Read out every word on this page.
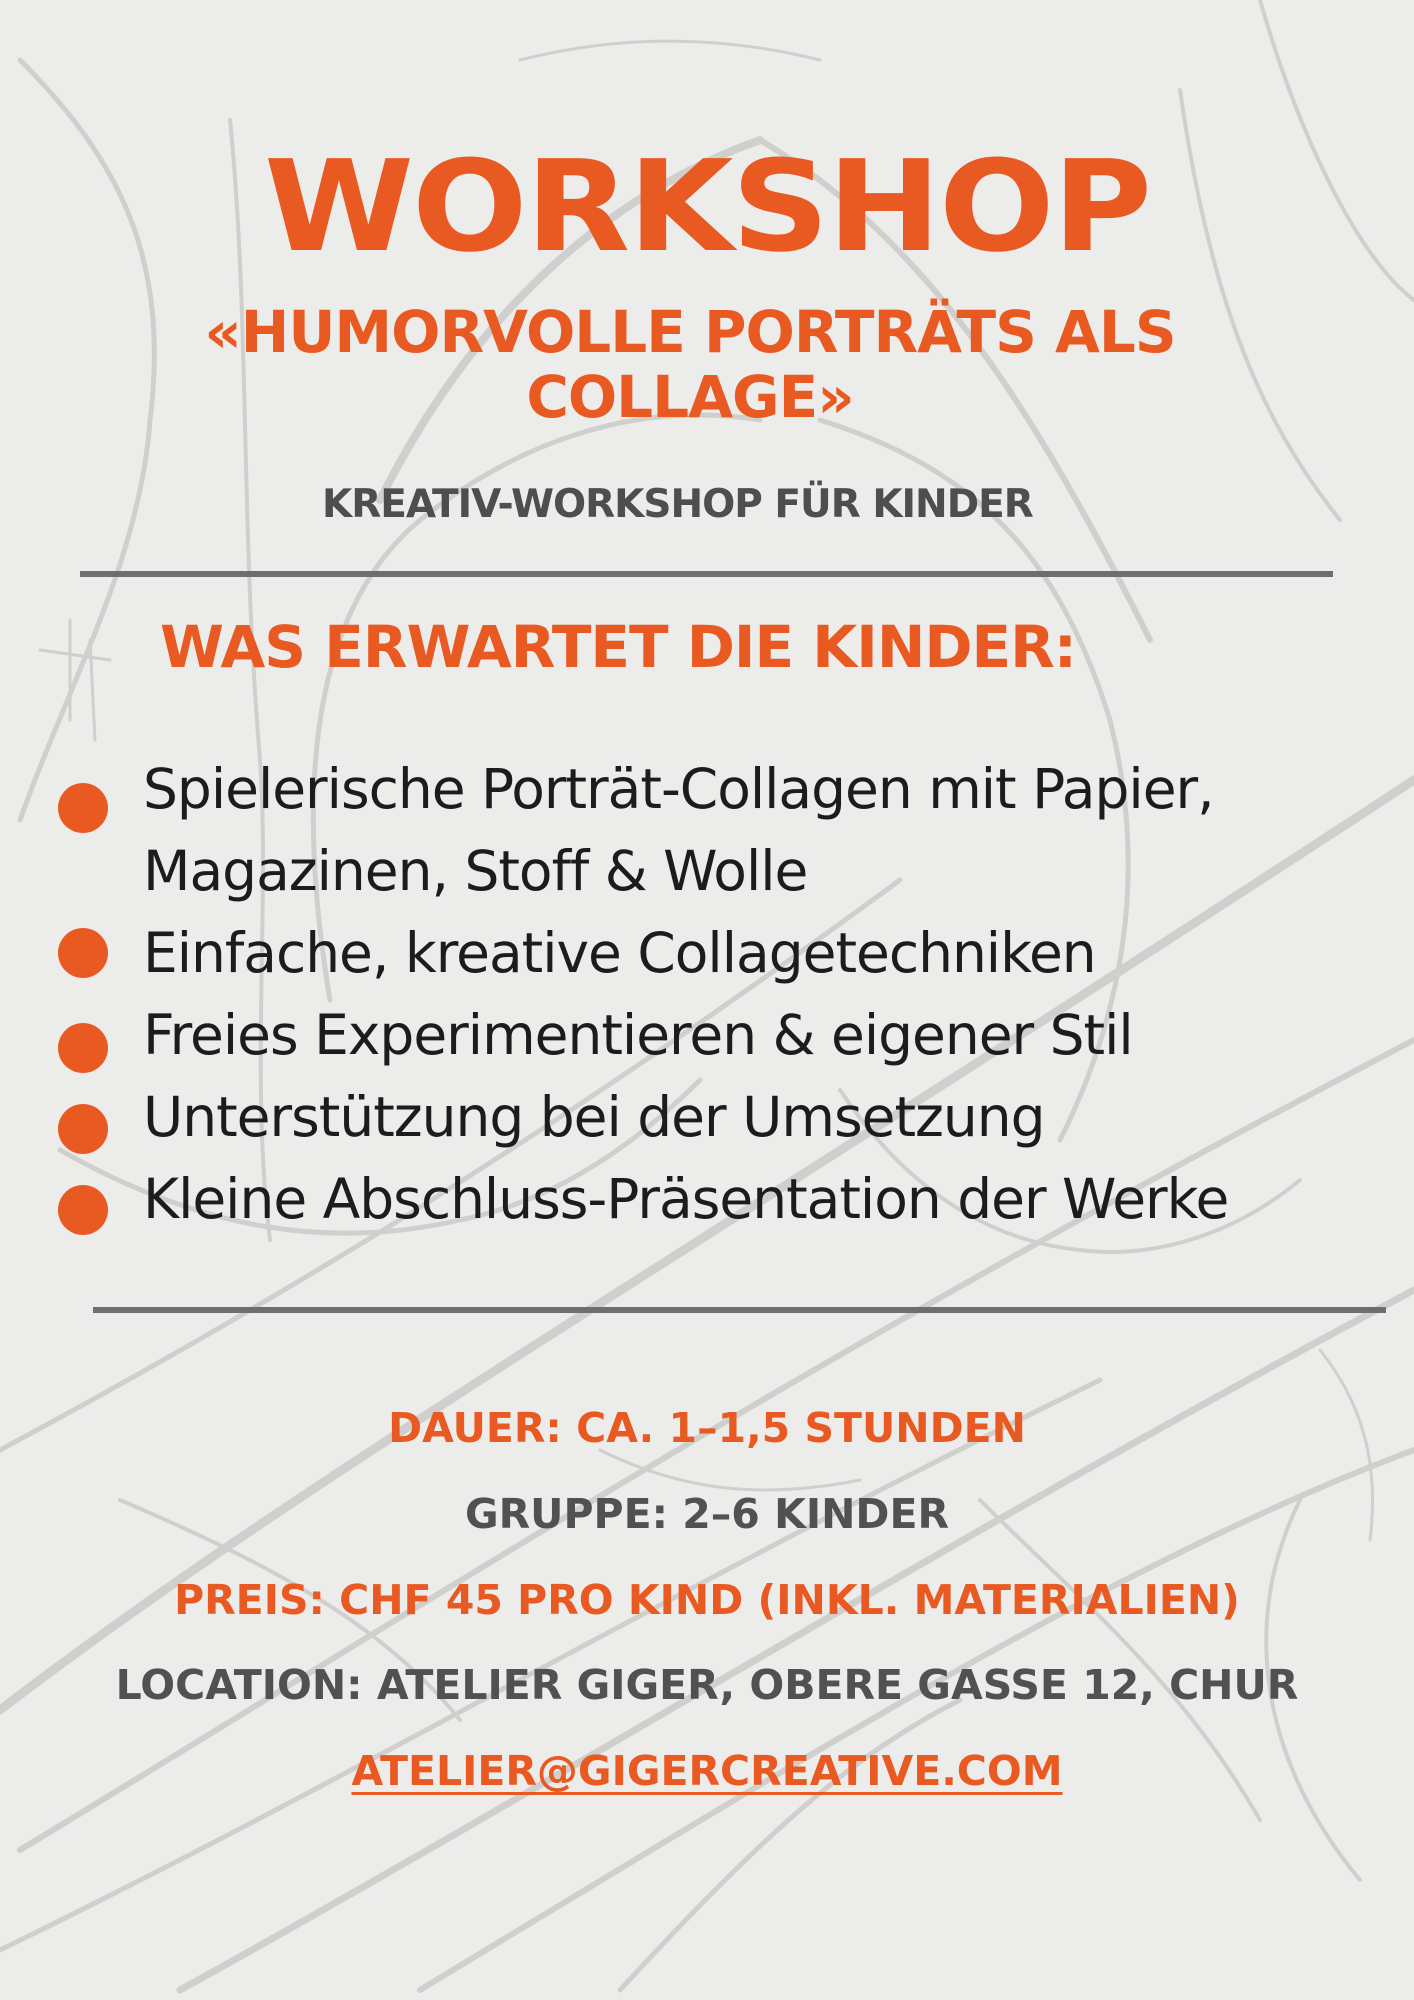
WORKSHOP
«HUMORVOLLE PORTRÄTS ALS
COLLAGE»
KREATIV-WORKSHOP FÜR KINDER
WAS ERWARTET DIE KINDER:
Spielerische Porträt-Collagen mit Papier,
Magazinen, Stoff & Wolle
Einfache, kreative Collagetechniken
Freies Experimentieren & eigener Stil
Unterstützung bei der Umsetzung
Kleine Abschluss-Präsentation der Werke
DAUER: CA. 1–1,5 STUNDEN
GRUPPE: 2–6 KINDER
PREIS: CHF 45 PRO KIND (INKL. MATERIALIEN)
LOCATION: ATELIER GIGER, OBERE GASSE 12, CHUR
ATELIER@GIGERCREATIVE.COM
